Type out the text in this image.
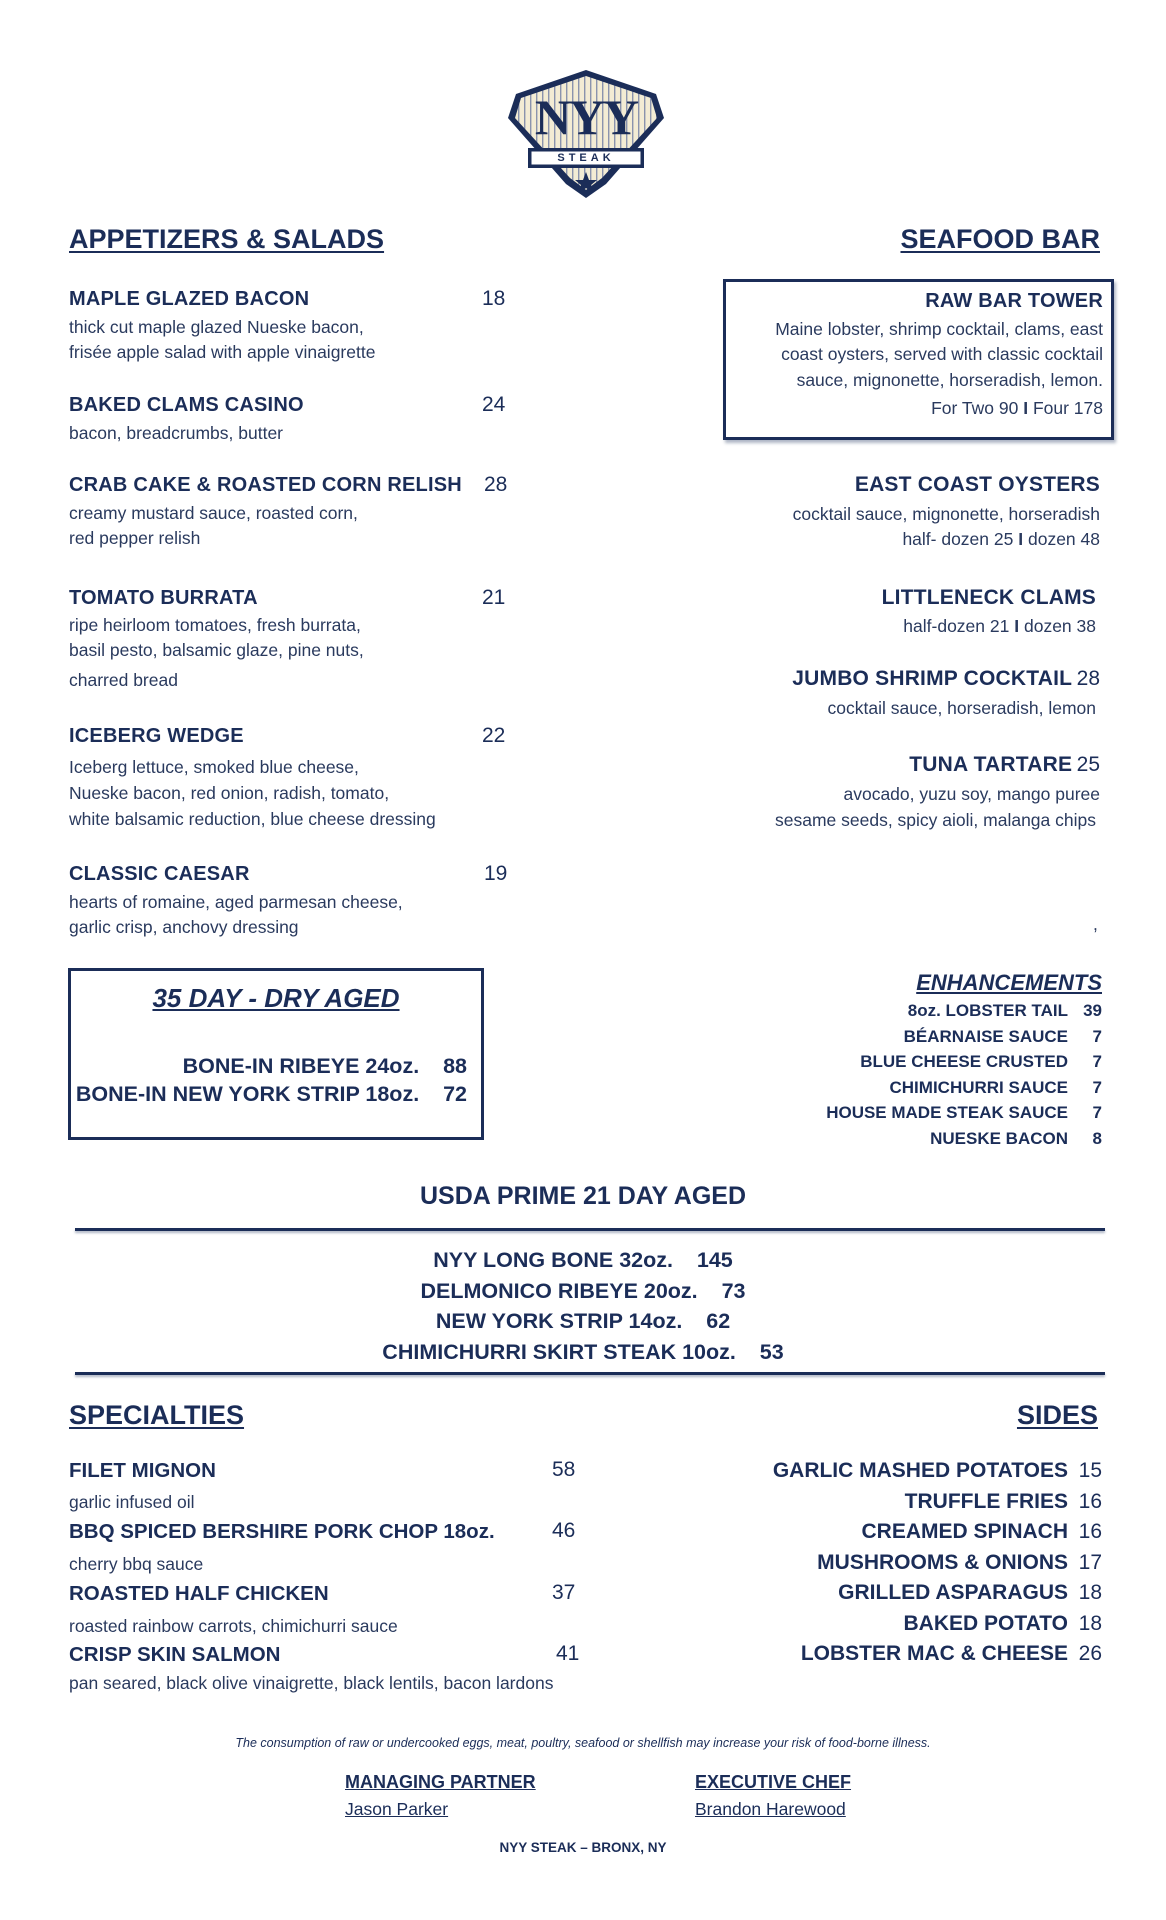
NYY
STEAK
APPETIZERS & SALADS
MAPLE GLAZED BACON	18
thick cut maple glazed Nueske bacon,
frisée apple salad with apple vinaigrette
BAKED CLAMS CASINO	24
bacon, breadcrumbs, butter
CRAB CAKE & ROASTED CORN RELISH 28
creamy mustard sauce, roasted corn,
red pepper relish
TOMATO BURRATA	21
ripe heirloom tomatoes, fresh burrata,
basil pesto, balsamic glaze, pine nuts,
charred bread
ICEBERG WEDGE	22
Iceberg lettuce, smoked blue cheese,
Nueske bacon, red onion, radish, tomato,
white balsamic reduction, blue cheese dressing
CLASSIC CAESAR	19
hearts of romaine, aged parmesan cheese,
garlic crisp, anchovy dressing
SEAFOOD BAR
RAW BAR TOWER
Maine lobster, shrimp cocktail, clams, east
coast oysters, served with classic cocktail
sauce, mignonette, horseradish, lemon.
For Two 90 I Four 178
EAST COAST OYSTERS
cocktail sauce, mignonette, horseradish
half- dozen 25 I dozen 48
LITTLENECK CLAMS
half-dozen 21 I dozen 38
JUMBO SHRIMP COCKTAIL 28
cocktail sauce, horseradish, lemon
TUNA TARTARE 25
avocado, yuzu soy, mango puree
sesame seeds, spicy aioli, malanga chips
,
35 DAY - DRY AGED
BONE-IN RIBEYE 24oz. 88
BONE-IN NEW YORK STRIP 18oz. 72
ENHANCEMENTS
8oz. LOBSTER TAIL 39
BÉARNAISE SAUCE	7
BLUE CHEESE CRUSTED	7
CHIMICHURRI SAUCE	7
HOUSE MADE STEAK SAUCE	7
NUESKE BACON	8
USDA PRIME 21 DAY AGED
NYY LONG BONE 32oz. 145
DELMONICO RIBEYE 20oz. 73
NEW YORK STRIP 14oz. 62
CHIMICHURRI SKIRT STEAK 10oz. 53
SPECIALTIES
FILET MIGNON	58
garlic infused oil
BBQ SPICED BERSHIRE PORK CHOP 18oz.	46
cherry bbq sauce
ROASTED HALF CHICKEN	37
roasted rainbow carrots, chimichurri sauce
CRISP SKIN SALMON	41
pan seared, black olive vinaigrette, black lentils, bacon lardons
SIDES
GARLIC MASHED POTATOES 15
TRUFFLE FRIES 16
CREAMED SPINACH 16
MUSHROOMS & ONIONS 17
GRILLED ASPARAGUS 18
BAKED POTATO 18
LOBSTER MAC & CHEESE 26
The consumption of raw or undercooked eggs, meat, poultry, seafood or shellfish may increase your risk of food-borne illness.
MANAGING PARTNER
Jason Parker
EXECUTIVE CHEF
Brandon Harewood
NYY STEAK – BRONX, NY
